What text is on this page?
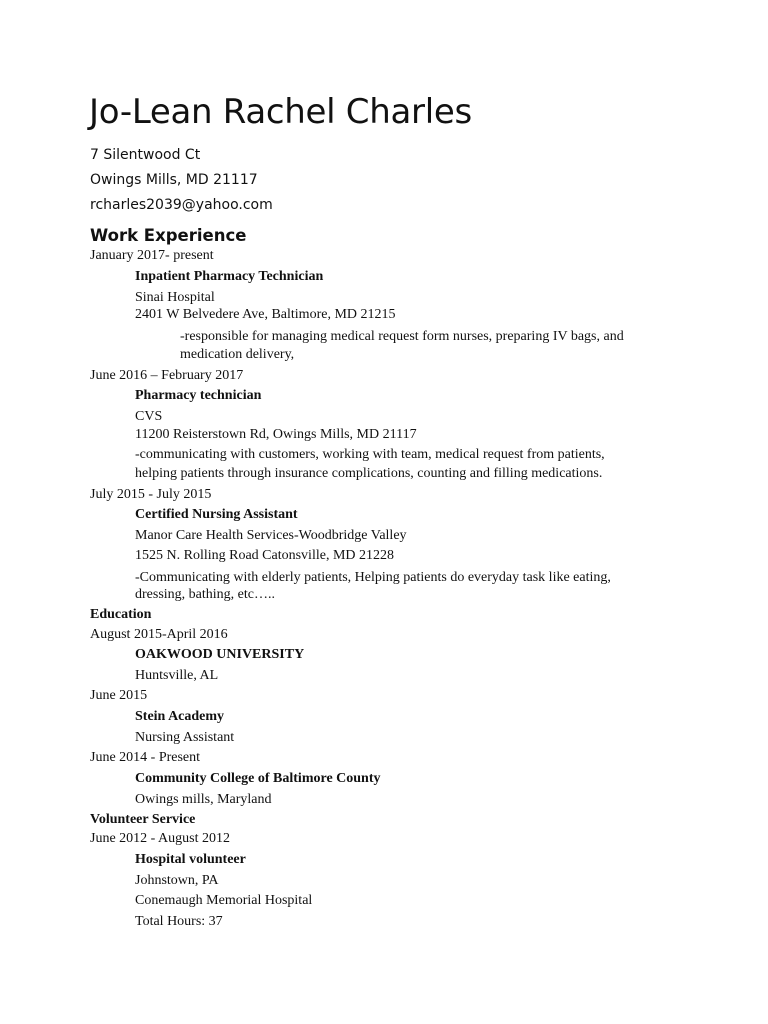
Jo-Lean Rachel Charles
7 Silentwood Ct
Owings Mills, MD 21117
rcharles2039@yahoo.com
Work Experience
January 2017- present
Inpatient Pharmacy Technician
Sinai Hospital
2401 W Belvedere Ave, Baltimore, MD 21215
-responsible for managing medical request form nurses, preparing IV bags, and
medication delivery,
June 2016 – February 2017
Pharmacy technician
CVS
11200 Reisterstown Rd, Owings Mills, MD 21117
-communicating with customers, working with team, medical request from patients,
helping patients through insurance complications, counting and filling medications.
July 2015 - July 2015
Certified Nursing Assistant
Manor Care Health Services-Woodbridge Valley
1525 N. Rolling Road Catonsville, MD 21228
-Communicating with elderly patients, Helping patients do everyday task like eating,
dressing, bathing, etc…..
Education
August 2015-April 2016
OAKWOOD UNIVERSITY
Huntsville, AL
June 2015
Stein Academy
Nursing Assistant
June 2014 - Present
Community College of Baltimore County
Owings mills, Maryland
Volunteer Service
June 2012 - August 2012
Hospital volunteer
Johnstown, PA
Conemaugh Memorial Hospital
Total Hours: 37
